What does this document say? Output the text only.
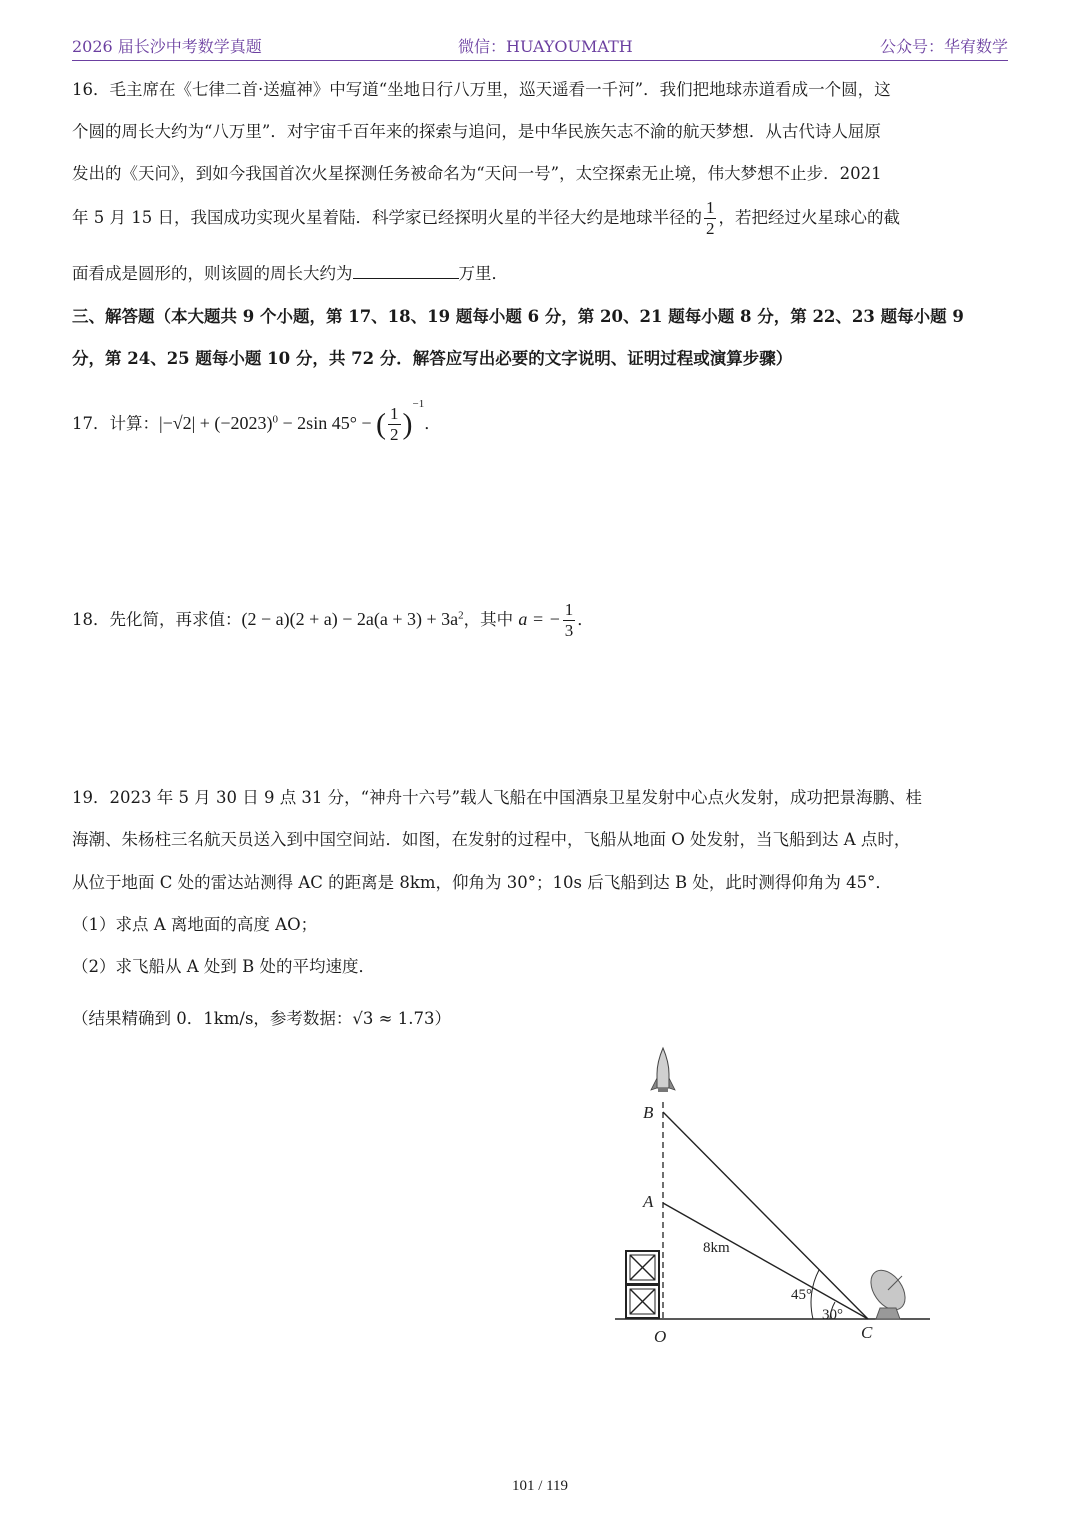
2026 届长沙中考数学真题	微信：HUAYOUMATH	公众号：华宥数学
16．毛主席在《七律二首·送瘟神》中写道“坐地日行八万里，巡天遥看一千河”．我们把地球赤道看成一个圆，这
个圆的周长大约为“八万里”．对宇宙千百年来的探索与追问，是中华民族矢志不渝的航天梦想．从古代诗人屈原
发出的《天问》，到如今我国首次火星探测任务被命名为“天问一号”，太空探索无止境，伟大梦想不止步．2021
年 5 月 15 日，我国成功实现火星着陆．科学家已经探明火星的半径大约是地球半径的 $\frac{1}{2}$ ，若把经过火星球心的截
面看成是圆形的，则该圆的周长大约为	万里．
三、解答题（本大题共 9 个小题，第 17、18、19 题每小题 6 分，第 20、21 题每小题 8 分，第 22、23 题每小题 9
分，第 24、25 题每小题 10 分，共 72 分．解答应写出必要的文字说明、证明过程或演算步骤）
17．计算：$|-√2| + (-2023)^0 - 2\sin$ 45° − ( $\frac{1}{2} )^{-1}$．
18．先化简，再求值：$(2 - a)(2 + a) - 2a(a + 3) + 3a^2$，其中 a = − $\frac{1}{3}$ ．
19．2023 年 5 月 30 日 9 点 31 分，“神舟十六号”载人飞船在中国酒泉卫星发射中心点火发射，成功把景海鹏、桂
海潮、朱杨柱三名航天员送入到中国空间站．如图，在发射的过程中，飞船从地面 O 处发射，当飞船到达 A 点时，
从位于地面 C 处的雷达站测得 AC 的距离是 8km，仰角为 30°；10s 后飞船到达 B 处，此时测得仰角为 45°．
（1）求点 A 离地面的高度 AO；
（2）求飞船从 A 处到 B 处的平均速度．
（结果精确到 0．1km/s，参考数据：√3 ≈ 1.73）
B
A
O	C
8km
45°
30°
101 / 119
